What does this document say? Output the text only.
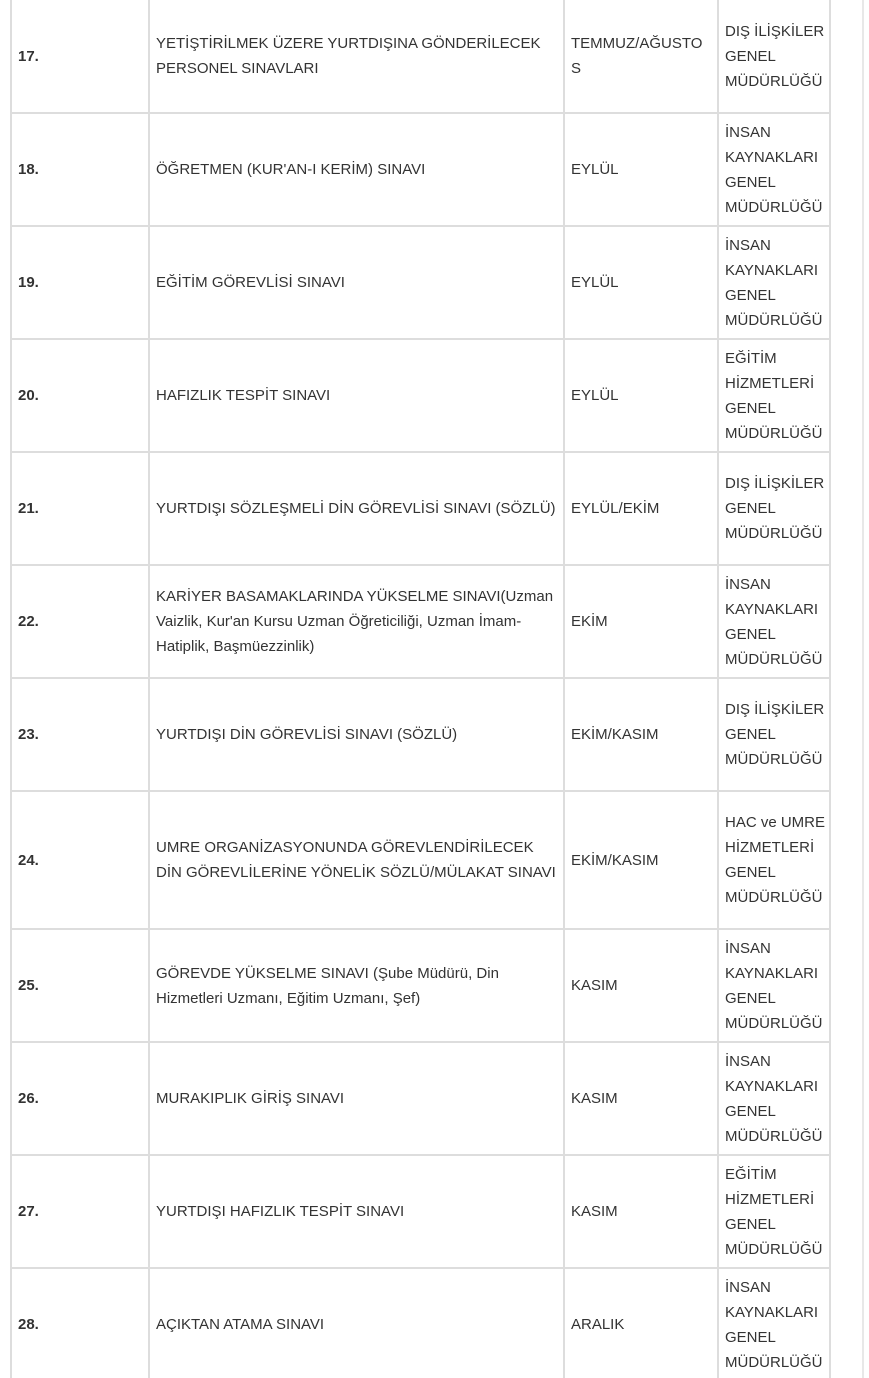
17.	YETİŞTİRİLMEK ÜZERE YURTDIŞINA GÖNDERİLECEK PERSONEL SINAVLARI	TEMMUZ/AĞUSTOS	DIŞ İLİŞKİLER GENEL MÜDÜRLÜĞÜ
18.	ÖĞRETMEN (KUR'AN-I KERİM) SINAVI	EYLÜL	İNSAN KAYNAKLARI GENEL MÜDÜRLÜĞÜ
19.	EĞİTİM GÖREVLİSİ SINAVI	EYLÜL	İNSAN KAYNAKLARI GENEL MÜDÜRLÜĞÜ
20.	HAFIZLIK TESPİT SINAVI	EYLÜL	EĞİTİM HİZMETLERİ GENEL MÜDÜRLÜĞÜ
21.	YURTDIŞI SÖZLEŞMELİ DİN GÖREVLİSİ SINAVI (SÖZLÜ)	EYLÜL/EKİM	DIŞ İLİŞKİLER GENEL MÜDÜRLÜĞÜ
22.	KARİYER BASAMAKLARINDA YÜKSELME SINAVI(Uzman Vaizlik, Kur'an Kursu Uzman Öğreticiliği, Uzman İmam-Hatiplik, Başmüezzinlik)	EKİM	İNSAN KAYNAKLARI GENEL MÜDÜRLÜĞÜ
23.	YURTDIŞI DİN GÖREVLİSİ SINAVI (SÖZLÜ)	EKİM/KASIM	DIŞ İLİŞKİLER GENEL MÜDÜRLÜĞÜ
24.	UMRE ORGANİZASYONUNDA GÖREVLENDİRİLECEK DİN GÖREVLİLERİNE YÖNELİK SÖZLÜ/MÜLAKAT SINAVI	EKİM/KASIM	HAC ve UMRE HİZMETLERİ GENEL MÜDÜRLÜĞÜ
25.	GÖREVDE YÜKSELME SINAVI (Şube Müdürü, Din Hizmetleri Uzmanı, Eğitim Uzmanı, Şef)	KASIM	İNSAN KAYNAKLARI GENEL MÜDÜRLÜĞÜ
26.	MURAKIPLIK GİRİŞ SINAVI	KASIM	İNSAN KAYNAKLARI GENEL MÜDÜRLÜĞÜ
27.	YURTDIŞI HAFIZLIK TESPİT SINAVI	KASIM	EĞİTİM HİZMETLERİ GENEL MÜDÜRLÜĞÜ
28.	AÇIKTAN ATAMA SINAVI	ARALIK	İNSAN KAYNAKLARI GENEL MÜDÜRLÜĞÜ
